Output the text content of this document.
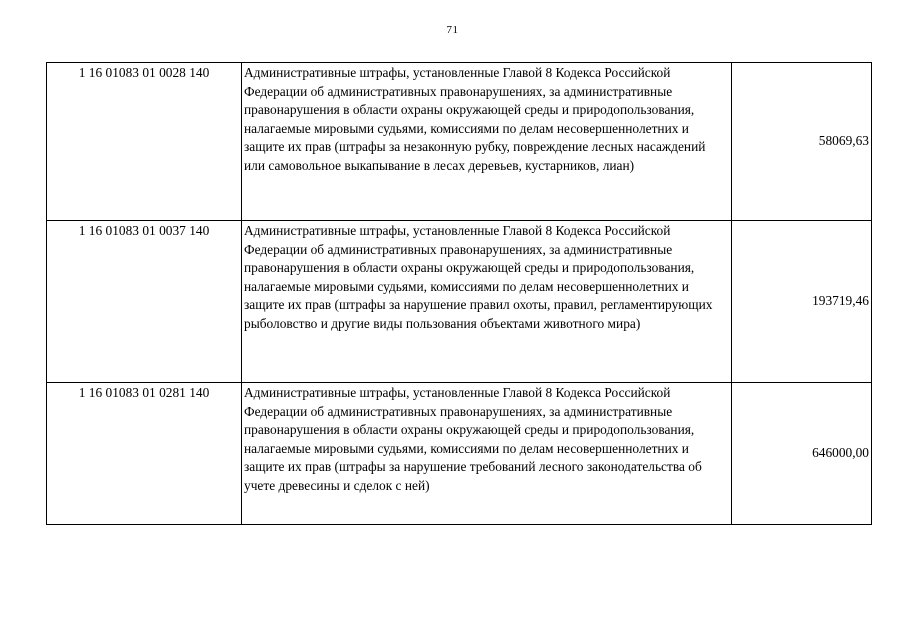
71
1 16 01083 01 0028 140	Административные штрафы, установленные Главой 8 Кодекса Российской Федерации об административных правонарушениях, за административные правонарушения в области охраны окружающей среды и природопользования, налагаемые мировыми судьями, комиссиями по делам несовершеннолетних и защите их прав (штрафы за незаконную рубку, повреждение лесных насаждений или самовольное выкапывание в лесах деревьев, кустарников, лиан)	58069,63
1 16 01083 01 0037 140	Административные штрафы, установленные Главой 8 Кодекса Российской Федерации об административных правонарушениях, за административные правонарушения в области охраны окружающей среды и природопользования, налагаемые мировыми судьями, комиссиями по делам несовершеннолетних и защите их прав (штрафы за нарушение правил охоты, правил, регламентирующих рыболовство и другие виды пользования объектами животного мира)	193719,46
1 16 01083 01 0281 140	Административные штрафы, установленные Главой 8 Кодекса Российской Федерации об административных правонарушениях, за административные правонарушения в области охраны окружающей среды и природопользования, налагаемые мировыми судьями, комиссиями по делам несовершеннолетних и защите их прав (штрафы за нарушение требований лесного законодательства об учете древесины и сделок с ней)	646000,00
